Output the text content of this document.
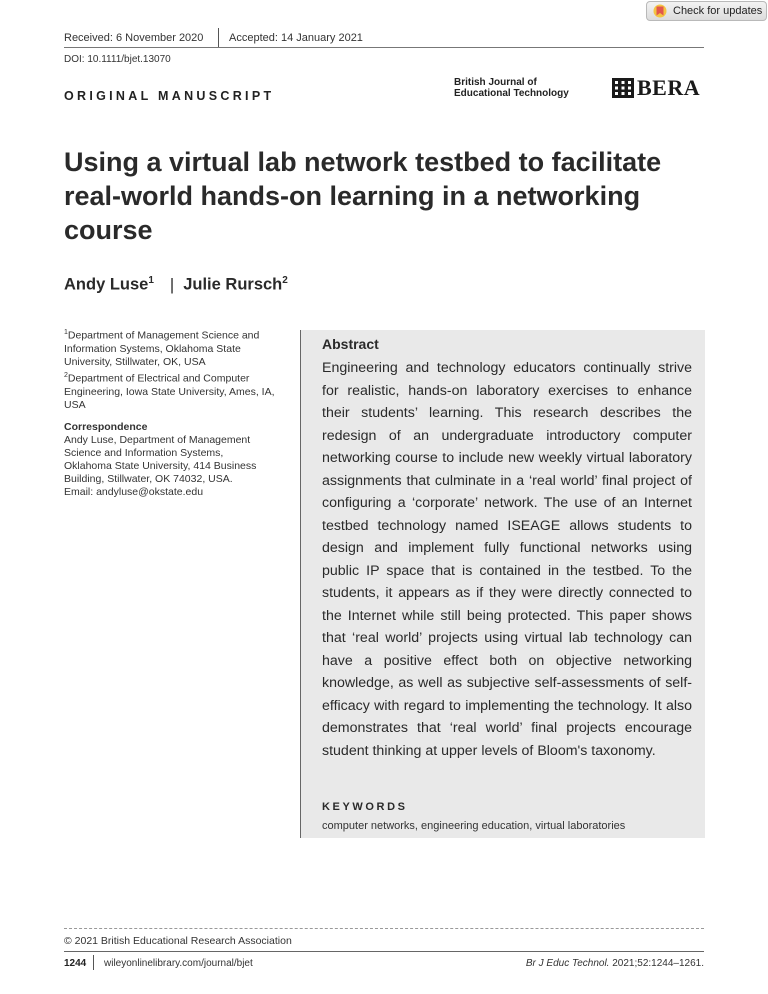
Check for updates
Received: 6 November 2020 Accepted: 14 January 2021
DOI: 10.1111/bjet.13070
ORIGINAL MANUSCRIPT
British Journal of
Educational Technology	BERA
Using a virtual lab network testbed to facilitate real-world hands-on learning in a networking course
Andy Luse$^1$ | Julie Rursch$^2$
$^1$Department of Management Science and Information Systems, Oklahoma State University, Stillwater, OK, USA
$^2$Department of Electrical and Computer Engineering, Iowa State University, Ames, IA, USA
Correspondence
Andy Luse, Department of Management
Science and Information Systems,
Oklahoma State University, 414 Business
Building, Stillwater, OK 74032, USA.
Email: andyluse@okstate.edu
Abstract

Engineering and technology educators continually strive for realistic, hands-on laboratory exercises to enhance their students’ learning. This research describes the redesign of an undergraduate introductory computer networking course to include new weekly virtual laboratory assignments that culminate in a ‘real world’ final project of configuring a ‘corporate’ network. The use of an Internet testbed technology named ISEAGE allows students to design and implement fully functional networks using public IP space that is contained in the testbed. To the students, it appears as if they were directly connected to the Internet while still being protected. This paper shows that ‘real world’ projects using virtual lab technology can have a positive effect both on objective networking knowledge, as well as subjective self-assessments of self-efficacy with regard to implementing the technology. It also demonstrates that ‘real world’ final projects encourage student thinking at upper levels of Bloom's taxonomy.

KEYWORDS
computer networks, engineering education, virtual laboratories
© 2021 British Educational Research Association
1244 wileyonlinelibrary.com/journal/bjet	Br J Educ Technol. 2021;52:1244–1261.
